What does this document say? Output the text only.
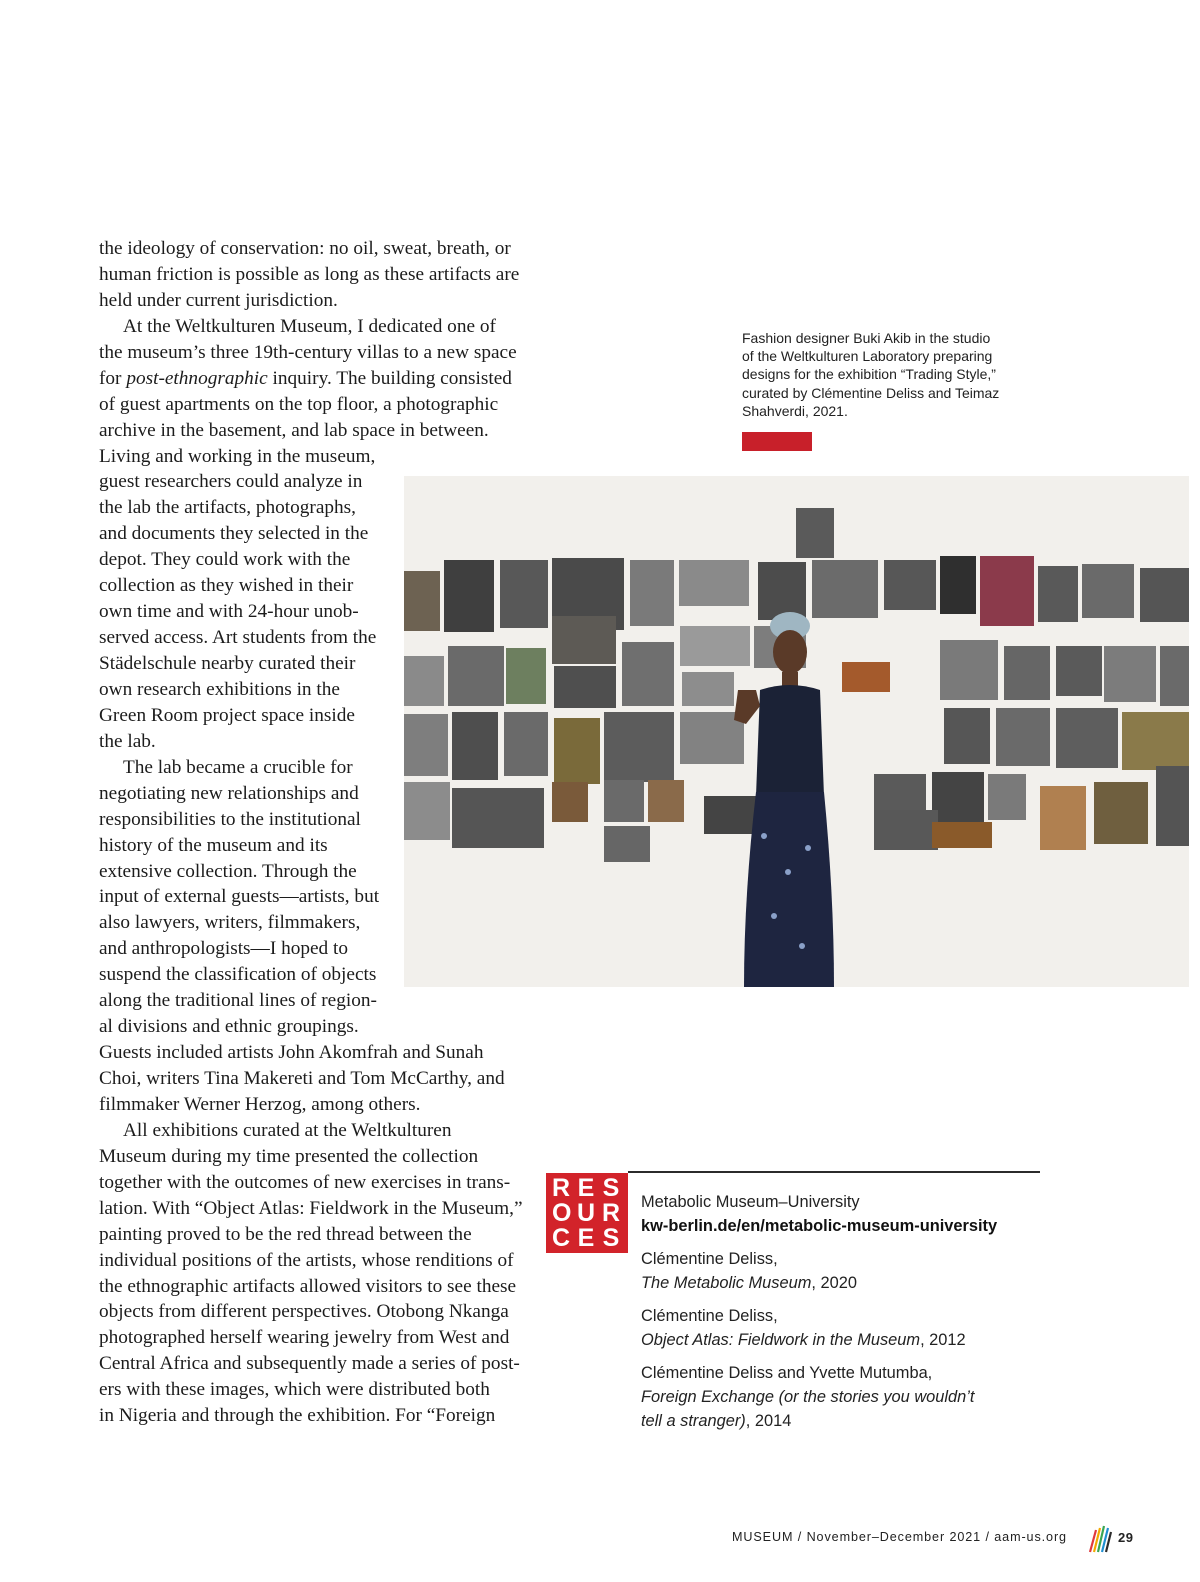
the ideology of conservation: no oil, sweat, breath, or
human friction is possible as long as these artifacts are
held under current jurisdiction.
At the Weltkulturen Museum, I dedicated one of
the museum’s three 19th-century villas to a new space
for post-ethnographic inquiry. The building consisted
of guest apartments on the top floor, a photographic
archive in the basement, and lab space in between.
Living and working in the museum,
guest researchers could analyze in
the lab the artifacts, photographs,
and documents they selected in the
depot. They could work with the
collection as they wished in their
own time and with 24-hour unob-
served access. Art students from the
Städelschule nearby curated their
own research exhibitions in the
Green Room project space inside
the lab.
The lab became a crucible for
negotiating new relationships and
responsibilities to the institutional
history of the museum and its
extensive collection. Through the
input of external guests—artists, but
also lawyers, writers, filmmakers,
and anthropologists—I hoped to
suspend the classification of objects
along the traditional lines of region-
al divisions and ethnic groupings.
Guests included artists John Akomfrah and Sunah
Choi, writers Tina Makereti and Tom McCarthy, and
filmmaker Werner Herzog, among others.
All exhibitions curated at the Weltkulturen
Museum during my time presented the collection
together with the outcomes of new exercises in trans-
lation. With “Object Atlas: Fieldwork in the Museum,”
painting proved to be the red thread between the
individual positions of the artists, whose renditions of
the ethnographic artifacts allowed visitors to see these
objects from different perspectives. Otobong Nkanga
photographed herself wearing jewelry from West and
Central Africa and subsequently made a series of post-
ers with these images, which were distributed both
in Nigeria and through the exhibition. For “Foreign
Fashion designer Buki Akib in the studio
of the Weltkulturen Laboratory preparing
designs for the exhibition “Trading Style,”
curated by Clémentine Deliss and Teimaz
Shahverdi, 2021.
R E S
O U R
C E S
Metabolic Museum–University
kw-berlin.de/en/metabolic-museum-university
Clémentine Deliss,
The Metabolic Museum, 2020
Clémentine Deliss,
Object Atlas: Fieldwork in the Museum, 2012
Clémentine Deliss and Yvette Mutumba,
Foreign Exchange (or the stories you wouldn’t
tell a stranger), 2014
MUSEUM / November–December 2021 / aam-us.org	29
